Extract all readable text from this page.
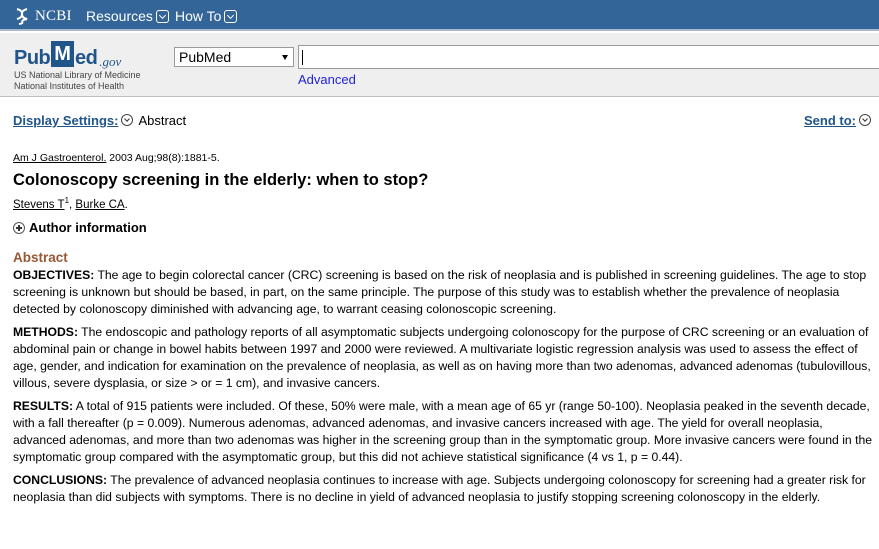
NCBI Resources How To
Pub M ed .gov
US National Library of Medicine
National Institutes of Health
PubMed
Advanced
Display Settings: Abstract	Send to:
Am J Gastroenterol. 2003 Aug;98(8):1881-5.
Colonoscopy screening in the elderly: when to stop?
Stevens $T^1$, Burke CA.
Author information
Abstract

OBJECTIVES: The age to begin colorectal cancer (CRC) screening is based on the risk of neoplasia and is published in screening guidelines. The age to stop screening is unknown but should be based, in part, on the same principle. The purpose of this study was to establish whether the prevalence of neoplasia detected by colonoscopy diminished with advancing age, to warrant ceasing colonoscopic screening.

METHODS: The endoscopic and pathology reports of all asymptomatic subjects undergoing colonoscopy for the purpose of CRC screening or an evaluation of abdominal pain or change in bowel habits between 1997 and 2000 were reviewed. A multivariate logistic regression analysis was used to assess the effect of age, gender, and indication for examination on the prevalence of neoplasia, as well as on having more than two adenomas, advanced adenomas (tubulovillous, villous, severe dysplasia, or size > or = 1 cm), and invasive cancers.

RESULTS: A total of 915 patients were included. Of these, 50% were male, with a mean age of 65 yr (range 50-100). Neoplasia peaked in the seventh decade, with a fall thereafter (p = 0.009). Numerous adenomas, advanced adenomas, and invasive cancers increased with age. The yield for overall neoplasia, advanced adenomas, and more than two adenomas was higher in the screening group than in the symptomatic group. More invasive cancers were found in the symptomatic group compared with the asymptomatic group, but this did not achieve statistical significance (4 vs 1, p = 0.44).

CONCLUSIONS: The prevalence of advanced neoplasia continues to increase with age. Subjects undergoing colonoscopy for screening had a greater risk for neoplasia than did subjects with symptoms. There is no decline in yield of advanced neoplasia to justify stopping screening colonoscopy in the elderly.
